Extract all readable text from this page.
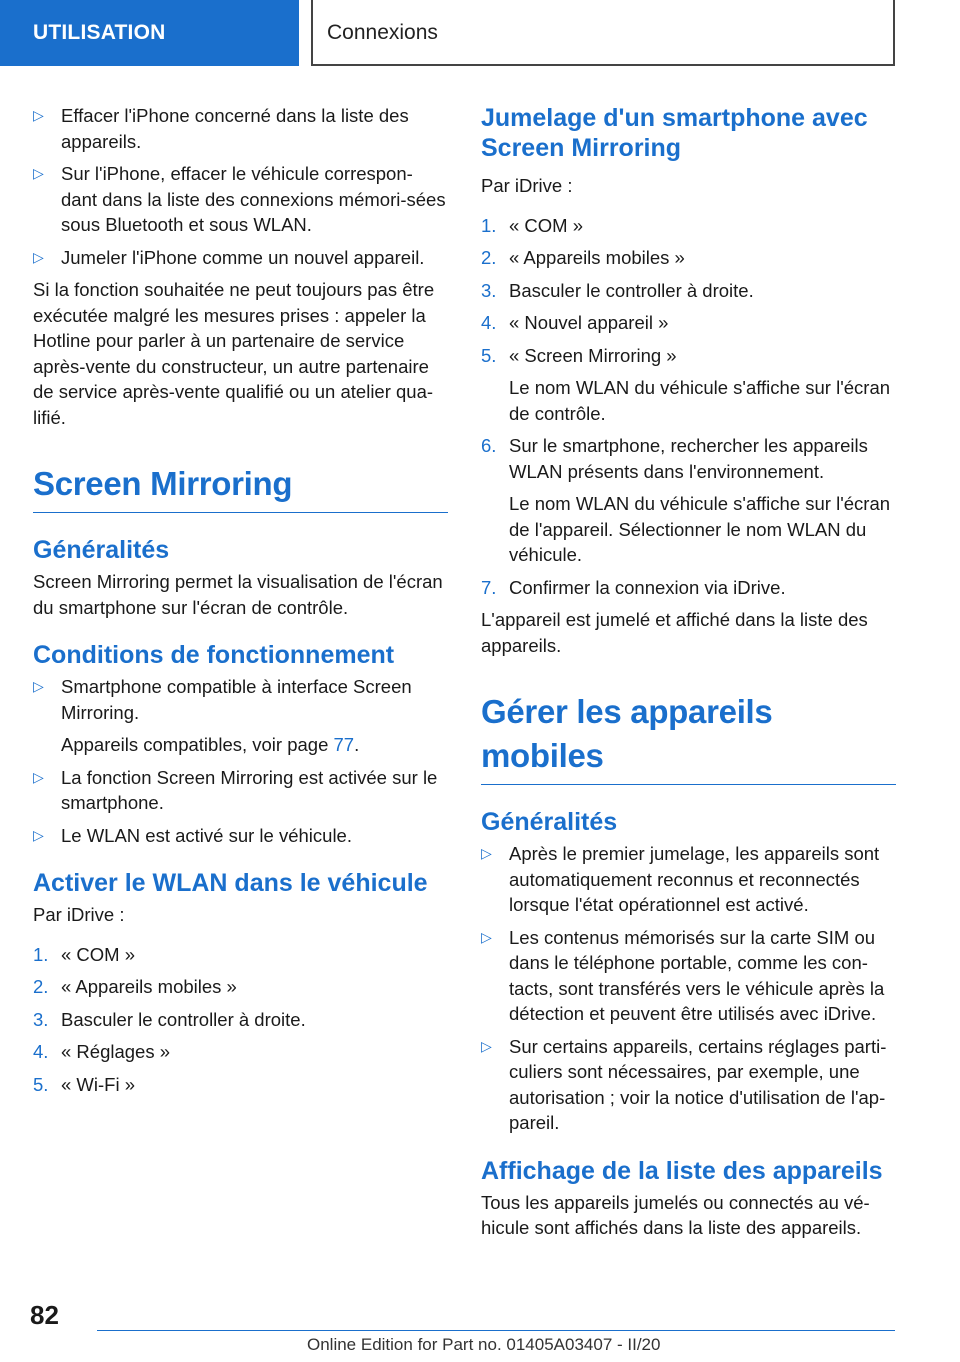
UTILISATION	Connexions
▷ Effacer l'iPhone concerné dans la liste des appareils.
▷ Sur l'iPhone, effacer le véhicule correspon-dant dans la liste des connexions mémori-sées sous Bluetooth et sous WLAN.
▷ Jumeler l'iPhone comme un nouvel appareil.

Si la fonction souhaitée ne peut toujours pas être exécutée malgré les mesures prises : appeler la Hotline pour parler à un partenaire de service après-vente du constructeur, un autre partenaire de service après-vente qualifié ou un atelier qua-lifié.

Screen Mirroring
Généralités

Screen Mirroring permet la visualisation de l'écran du smartphone sur l'écran de contrôle.

Conditions de fonctionnement
▷ Smartphone compatible à interface Screen Mirroring.
Appareils compatibles, voir page 77.
▷ La fonction Screen Mirroring est activée sur le smartphone.
▷ Le WLAN est activé sur le véhicule.
Activer le WLAN dans le véhicule

Par iDrive :

1. « COM »
2. « Appareils mobiles »
3. Basculer le controller à droite.
4. « Réglages »
5. « Wi-Fi »
Jumelage d'un smartphone avec Screen Mirroring

Par iDrive :

1. « COM »
2. « Appareils mobiles »
3. Basculer le controller à droite.
4. « Nouvel appareil »
5. « Screen Mirroring »
Le nom WLAN du véhicule s'affiche sur l'écran de contrôle.
6. Sur le smartphone, rechercher les appareils WLAN présents dans l'environnement.
Le nom WLAN du véhicule s'affiche sur l'écran de l'appareil. Sélectionner le nom WLAN du véhicule.
7. Confirmer la connexion via iDrive.

L'appareil est jumelé et affiché dans la liste des appareils.

Gérer les appareils mobiles
Généralités
▷ Après le premier jumelage, les appareils sont automatiquement reconnus et reconnectés lorsque l'état opérationnel est activé.
▷ Les contenus mémorisés sur la carte SIM ou dans le téléphone portable, comme les con-tacts, sont transférés vers le véhicule après la détection et peuvent être utilisés avec iDrive.
▷ Sur certains appareils, certains réglages parti-culiers sont nécessaires, par exemple, une autorisation ; voir la notice d'utilisation de l'ap-pareil.
Affichage de la liste des appareils

Tous les appareils jumelés ou connectés au vé-hicule sont affichés dans la liste des appareils.

82
Online Edition for Part no. 01405A03407 - II/20
